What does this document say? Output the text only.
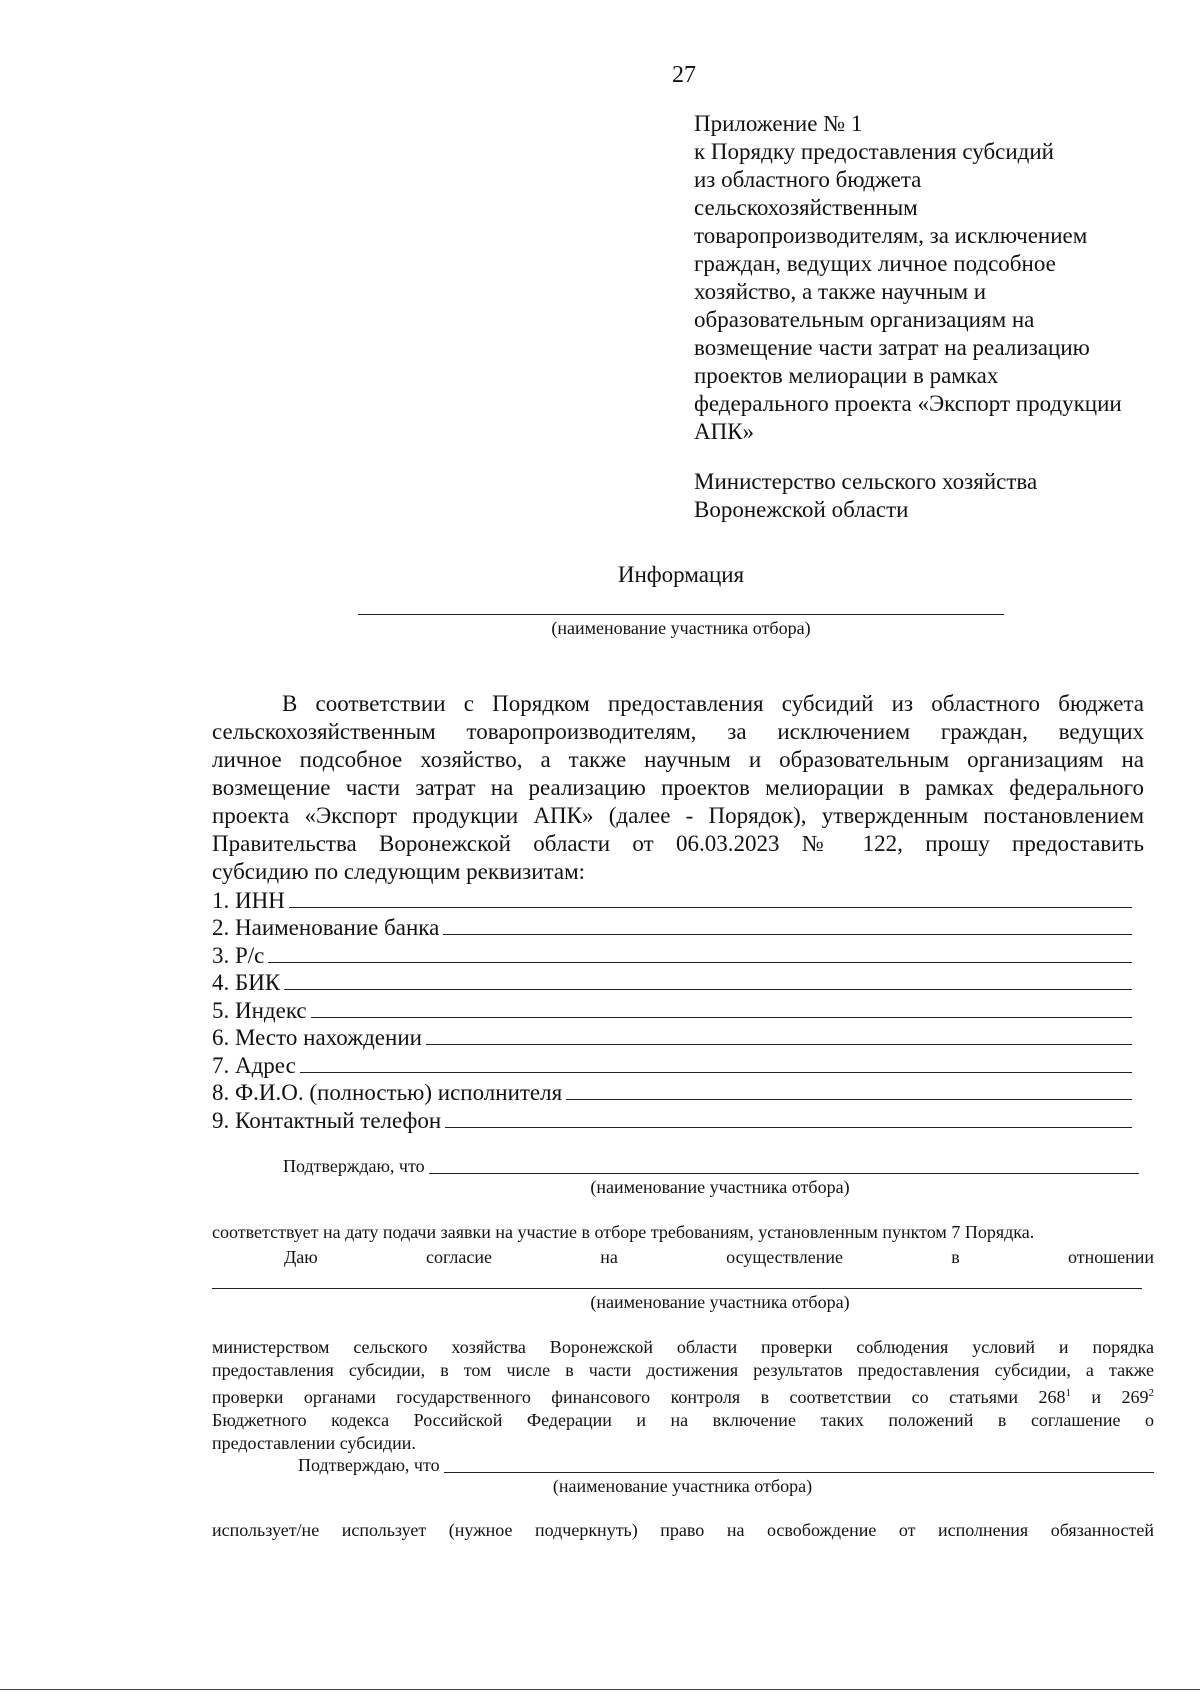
27
Приложение № 1
к Порядку предоставления субсидий
из областного бюджета
сельскохозяйственным
товаропроизводителям, за исключением
граждан, ведущих личное подсобное
хозяйство, а также научным и
образовательным организациям на
возмещение части затрат на реализацию
проектов мелиорации в рамках
федерального проекта «Экспорт продукции
АПК»
Министерство сельского хозяйства
Воронежской области
Информация
(наименование участника отбора)
В соответствии с Порядком предоставления субсидий из областного бюджета
сельскохозяйственным товаропроизводителям, за исключением граждан, ведущих
личное подсобное хозяйство, а также научным и образовательным организациям на
возмещение части затрат на реализацию проектов мелиорации в рамках федерального
проекта «Экспорт продукции АПК» (далее - Порядок), утвержденным постановлением
Правительства Воронежской области от 06.03.2023 № 122, прошу предоставить
субсидию по следующим реквизитам:
1. ИНН
2. Наименование банка
3. Р/с
4. БИК
5. Индекс
6. Место нахождении
7. Адрес
8. Ф.И.О. (полностью) исполнителя
9. Контактный телефон
Подтверждаю, что
(наименование участника отбора)
соответствует на дату подачи заявки на участие в отборе требованиям, установленным пунктом 7 Порядка.
Даю	согласие	на	осуществление	в	отношении
(наименование участника отбора)
министерством сельского хозяйства Воронежской области проверки соблюдения условий и порядка
предоставления субсидии, в том числе в части достижения результатов предоставления субсидии, а также
проверки органами государственного финансового контроля в соответствии со статьями $268^1$ и $269^2$
Бюджетного кодекса Российской Федерации и на включение таких положений в соглашение о
предоставлении субсидии.
Подтверждаю, что
(наименование участника отбора)
использует/не использует (нужное подчеркнуть) право на освобождение от исполнения обязанностей
